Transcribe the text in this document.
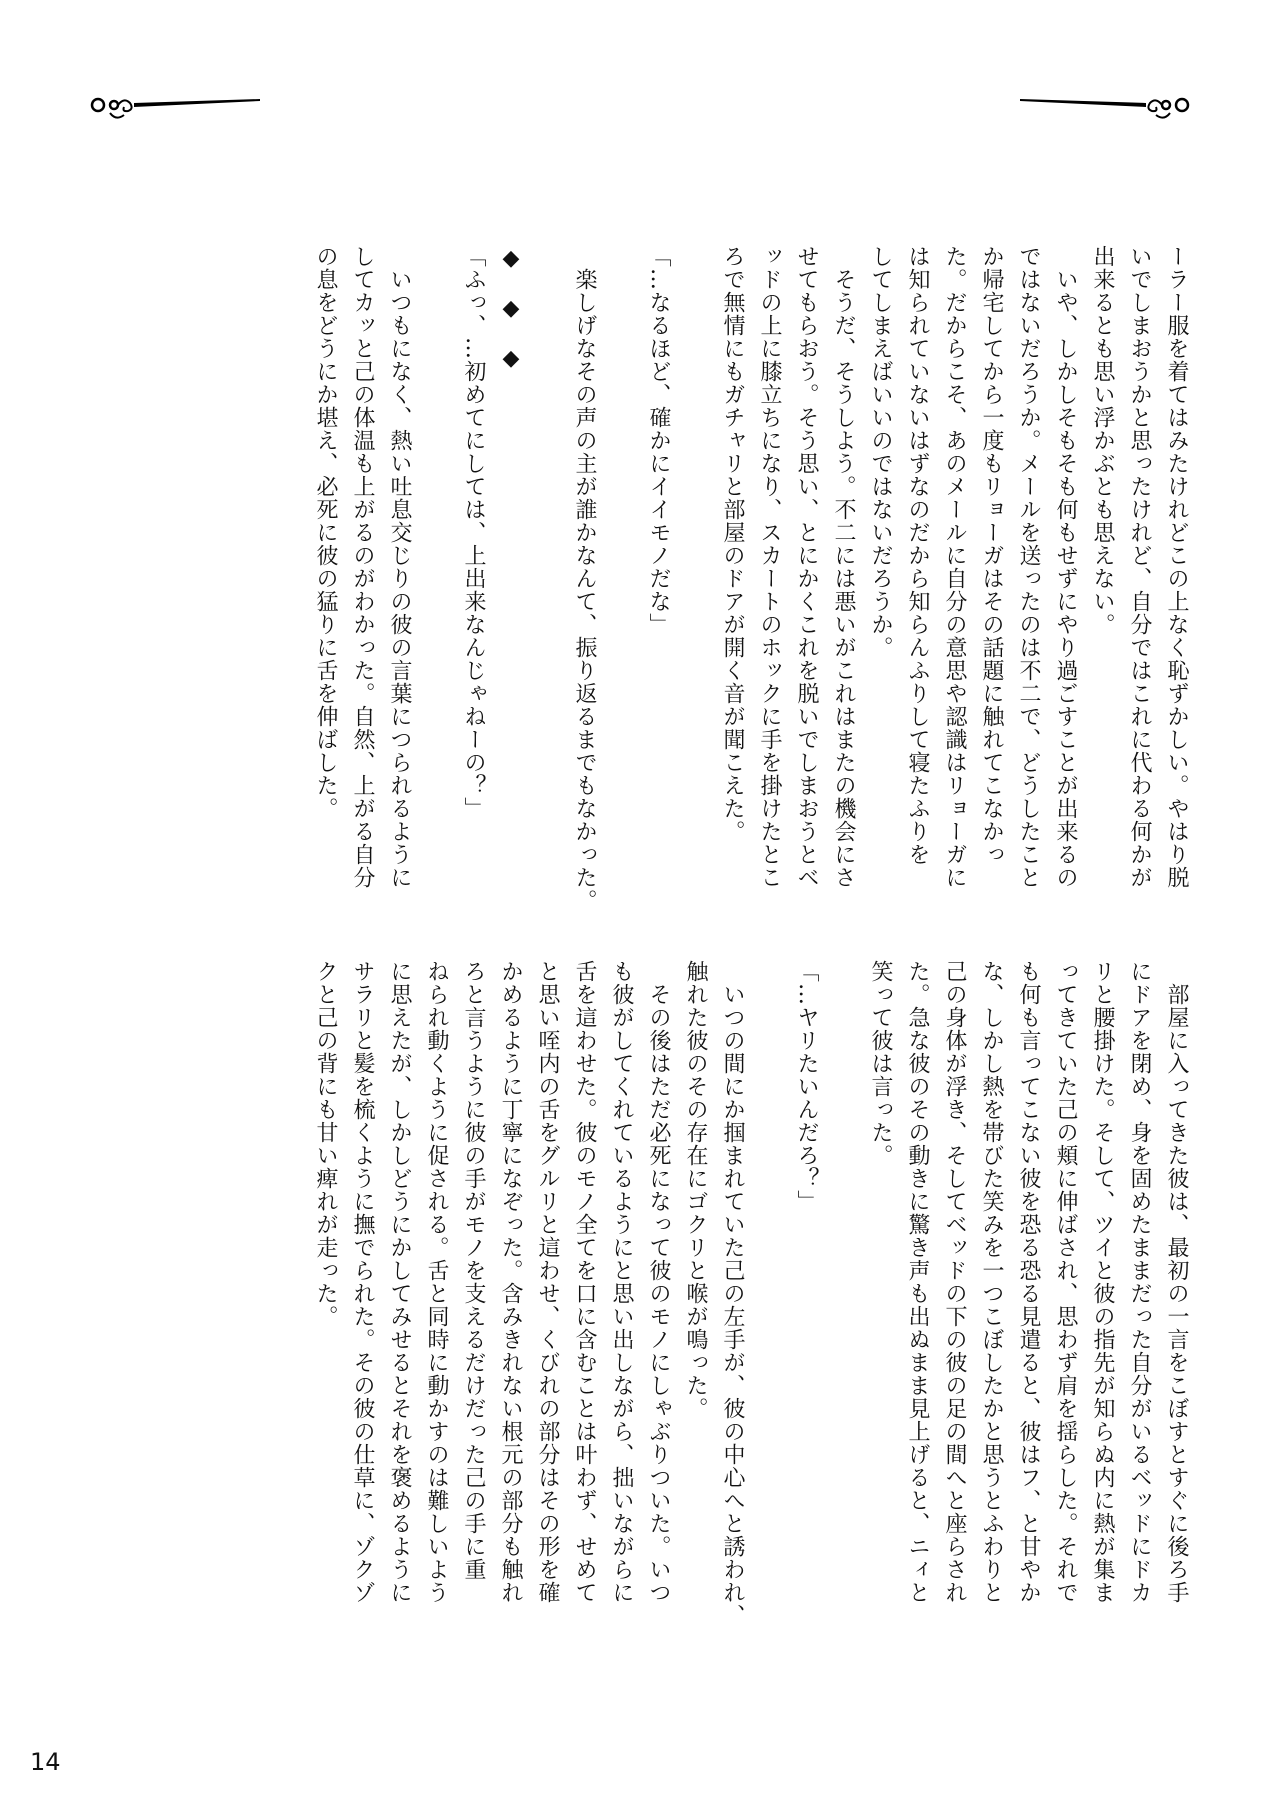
ーラー服を着てはみたけれどこの上なく恥ずかしい。やはり脱
いでしまおうかと思ったけれど、自分ではこれに代わる何かが
出来るとも思い浮かぶとも思えない。
　いや、しかしそもそも何もせずにやり過ごすことが出来るの
ではないだろうか。メールを送ったのは不二で、どうしたこと
か帰宅してから一度もリョーガはその話題に触れてこなかっ
た。だからこそ、あのメールに自分の意思や認識はリョーガに
は知られていないはずなのだから知らんふりして寝たふりを
してしまえばいいのではないだろうか。
　そうだ、そうしよう。不二には悪いがこれはまたの機会にさ
せてもらおう。そう思い、とにかくこれを脱いでしまおうとベ
ッドの上に膝立ちになり、スカートのホックに手を掛けたとこ
ろで無情にもガチャリと部屋のドアが開く音が聞こえた。
「…なるほど、確かにイイモノだな」
　楽しげなその声の主が誰かなんて、振り返るまでもなかった。
◆　◆　◆
「ふっ、…初めてにしては、上出来なんじゃねーの？」
　いつもになく、熱い吐息交じりの彼の言葉につられるように
してカッと己の体温も上がるのがわかった。自然、上がる自分
の息をどうにか堪え、必死に彼の猛りに舌を伸ばした。
　部屋に入ってきた彼は、最初の一言をこぼすとすぐに後ろ手
にドアを閉め、身を固めたままだった自分がいるベッドにドカ
リと腰掛けた。そして、ツイと彼の指先が知らぬ内に熱が集ま
ってきていた己の頬に伸ばされ、思わず肩を揺らした。それで
も何も言ってこない彼を恐る恐る見遣ると、彼はフ、と甘やか
な、しかし熱を帯びた笑みを一つこぼしたかと思うとふわりと
己の身体が浮き、そしてベッドの下の彼の足の間へと座らされ
た。急な彼のその動きに驚き声も出ぬまま見上げると、ニィと
笑って彼は言った。
「…ヤリたいんだろ？」
　いつの間にか掴まれていた己の左手が、彼の中心へと誘われ、
触れた彼のその存在にゴクリと喉が鳴った。
　その後はただ必死になって彼のモノにしゃぶりついた。いつ
も彼がしてくれているようにと思い出しながら、拙いながらに
舌を這わせた。彼のモノ全てを口に含むことは叶わず、せめて
と思い咥内の舌をグルリと這わせ、くびれの部分はその形を確
かめるように丁寧になぞった。含みきれない根元の部分も触れ
ろと言うように彼の手がモノを支えるだけだった己の手に重
ねられ動くように促される。舌と同時に動かすのは難しいよう
に思えたが、しかしどうにかしてみせるとそれを褒めるように
サラリと髪を梳くように撫でられた。その彼の仕草に、ゾクゾ
クと己の背にも甘い痺れが走った。
14
